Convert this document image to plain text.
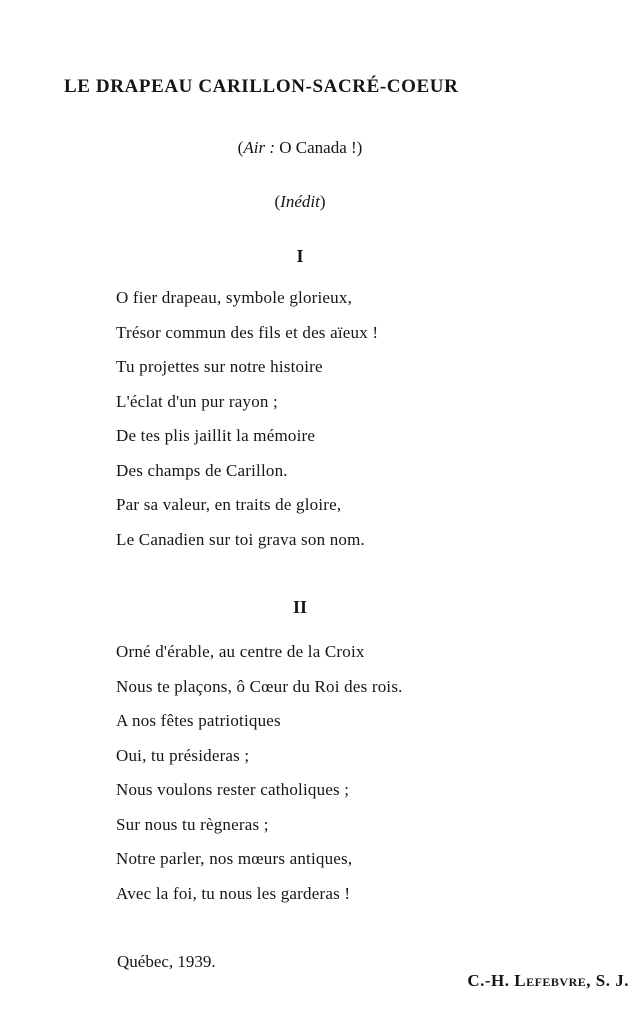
LE DRAPEAU CARILLON-SACRÉ-COEUR
(Air : O Canada !)
(Inédit)
I
O fier drapeau, symbole glorieux,
Trésor commun des fils et des aïeux !
Tu projettes sur notre histoire
L'éclat d'un pur rayon ;
De tes plis jaillit la mémoire
Des champs de Carillon.
Par sa valeur, en traits de gloire,
Le Canadien sur toi grava son nom.
II
Orné d'érable, au centre de la Croix
Nous te plaçons, ô Cœur du Roi des rois.
A nos fêtes patriotiques
Oui, tu présideras ;
Nous voulons rester catholiques ;
Sur nous tu règneras ;
Notre parler, nos mœurs antiques,
Avec la foi, tu nous les garderas !
Québec, 1939.
C.-H. Lefebvre, S. J.
